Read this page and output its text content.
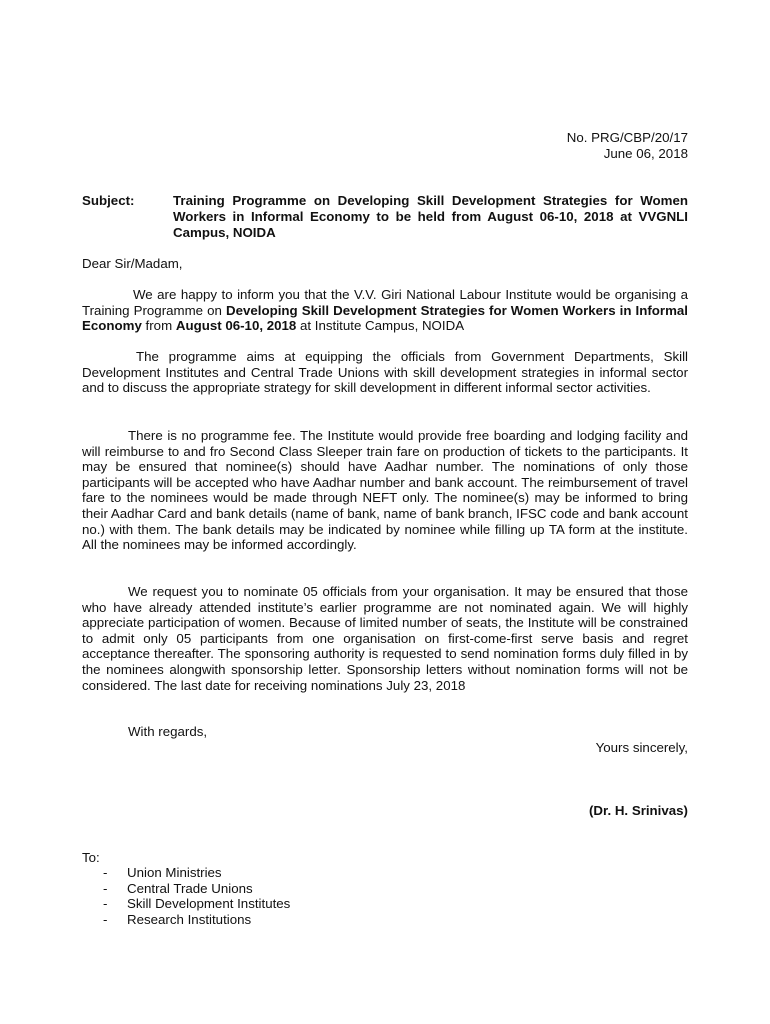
No. PRG/CBP/20/17
June 06, 2018
Subject:	Training Programme on Developing Skill Development Strategies for Women Workers in Informal Economy to be held from August 06-10, 2018 at VVGNLI Campus, NOIDA
Dear Sir/Madam,
We are happy to inform you that the V.V. Giri National Labour Institute would be organising a Training Programme on Developing Skill Development Strategies for Women Workers in Informal Economy from August 06-10, 2018 at Institute Campus, NOIDA
The programme aims at equipping the officials from Government Departments, Skill Development Institutes and Central Trade Unions with skill development strategies in informal sector and to discuss the appropriate strategy for skill development in different informal sector activities.
There is no programme fee. The Institute would provide free boarding and lodging facility and will reimburse to and fro Second Class Sleeper train fare on production of tickets to the participants. It may be ensured that nominee(s) should have Aadhar number. The nominations of only those participants will be accepted who have Aadhar number and bank account. The reimbursement of travel fare to the nominees would be made through NEFT only. The nominee(s) may be informed to bring their Aadhar Card and bank details (name of bank, name of bank branch, IFSC code and bank account no.) with them. The bank details may be indicated by nominee while filling up TA form at the institute. All the nominees may be informed accordingly.
We request you to nominate 05 officials from your organisation. It may be ensured that those who have already attended institute’s earlier programme are not nominated again. We will highly appreciate participation of women. Because of limited number of seats, the Institute will be constrained to admit only 05 participants from one organisation on first-come-first serve basis and regret acceptance thereafter. The sponsoring authority is requested to send nomination forms duly filled in by the nominees alongwith sponsorship letter. Sponsorship letters without nomination forms will not be considered. The last date for receiving nominations July 23, 2018
With regards,
Yours sincerely,
(Dr. H. Srinivas)
To:
- Union Ministries
- Central Trade Unions
- Skill Development Institutes
- Research Institutions
